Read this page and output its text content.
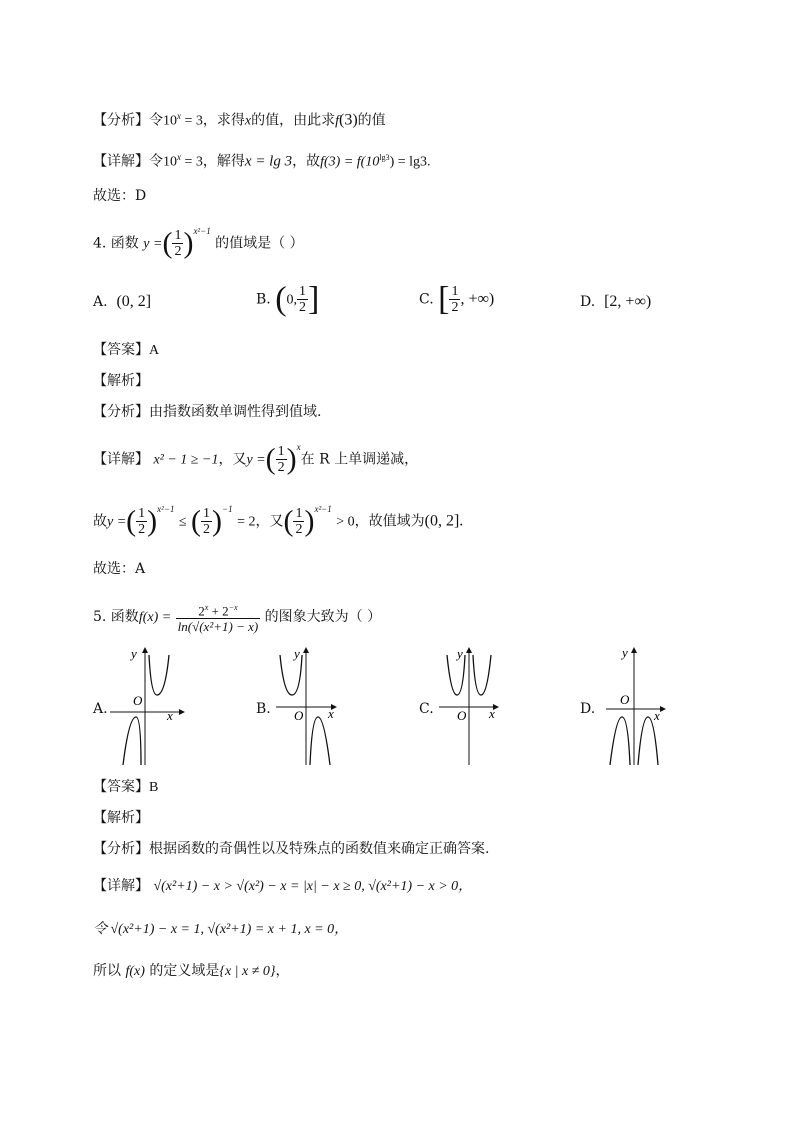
【分析】令$10^x = 3$，求得x的值，由此求f(3)的值
【详解】令$10^x = 3$，解得x = lg 3，故$f(3) = f(10^{lg3}) = \lg 3$.
故选：D
4. 函数 y =( $\frac{1}{2} )^{x^2-1}$ 的值域是（ ）
A. (0, 2]	B. (0, $\frac{1}{2}$ ]	C. [ $\frac{1}{2}$ , +∞)	D. [2, +∞)
【答案】A
【解析】
【分析】由指数函数单调性得到值域.
【详解】 x² − 1 ≥ −1，又y =( $\frac{1}{2} )^x$在 R 上单调递减，
故y =( $\frac{1}{2} )^{x^2-1}$ ≤ ( $\frac{1}{2} )^{-1} = 2$，又( $\frac{1}{2} )^{x^2-1} > 0$，故值域为(0, 2].
故选：A
5. 函数$f(x) = \frac{2^x + 2^{-x}}{\text{ln(√(x²+1) − x)}}$ 的图象大致为（ ）
A.
y
x
O
B.
y
x
O	C.
y
x
O	D.
y
x
O
【答案】B
【解析】
【分析】根据函数的奇偶性以及特殊点的函数值来确定正确答案.
【详解】 √(x²+1) − x > √(x²) − x = |x| − x ≥ 0, √(x²+1) − x > 0，
令 √(x²+1) − x = 1, √(x²+1) = x + 1, x = 0，
所以 f(x) 的定义域是{x | x ≠ 0}，
